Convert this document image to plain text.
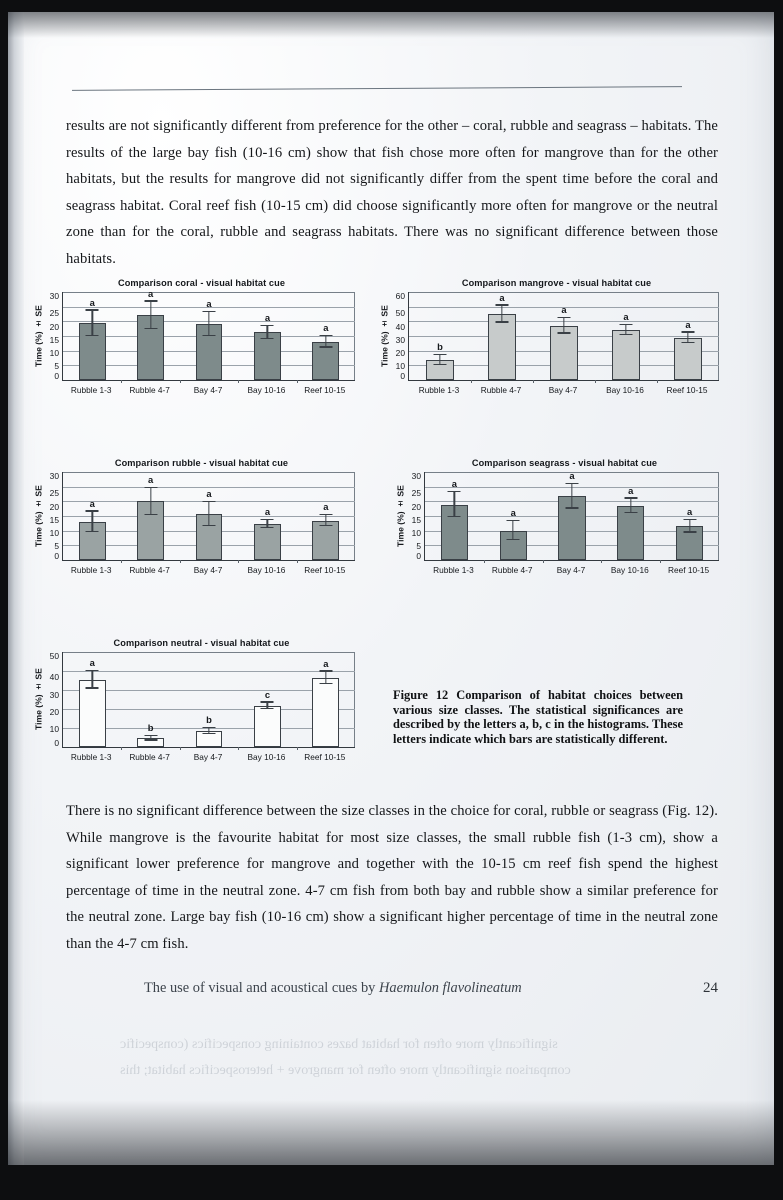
results are not significantly different from preference for the other – coral, rubble and seagrass – habitats. The results of the large bay fish (10-16 cm) show that fish chose more often for mangrove than for the other habitats, but the results for mangrove did not significantly differ from the spent time before the coral and seagrass habitat. Coral reef fish (10-15 cm) did choose significantly more often for mangrove or the neutral zone than for the coral, rubble and seagrass habitats. There was no significant difference between those habitats.

Comparison coral - visual habitat cue
Time (%) ± SE
30
25
20
15
10
5
0
a
a
a
a
a
Rubble 1-3	Rubble 4-7	Bay 4-7	Bay 10-16	Reef 10-15
Comparison mangrove - visual habitat cue
Time (%) ± SE
60
50
40
30
20
10
0
b
a
a
a
a
Rubble 1-3	Rubble 4-7	Bay 4-7	Bay 10-16	Reef 10-15
Comparison rubble - visual habitat cue
Time (%) ± SE
30
25
20
15
10
5
0
a
a
a
a	a
Rubble 1-3	Rubble 4-7	Bay 4-7	Bay 10-16	Reef 10-15
Comparison seagrass - visual habitat cue
Time (%) ± SE
30
25
20
15
10
5
0
a
a
a
a
a
Rubble 1-3	Rubble 4-7	Bay 4-7	Bay 10-16	Reef 10-15
Comparison neutral - visual habitat cue
Time (%) ± SE
50
40
30
20
10
0
a
b
b
c
a
Rubble 1-3	Rubble 4-7	Bay 4-7	Bay 10-16	Reef 10-15
Figure 12 Comparison of habitat choices between various size classes. The statistical significances are described by the letters a, b, c in the histograms. These letters indicate which bars are statistically different.

There is no significant difference between the size classes in the choice for coral, rubble or seagrass (Fig. 12). While mangrove is the favourite habitat for most size classes, the small rubble fish (1-3 cm), show a significant lower preference for mangrove and together with the 10-15 cm reef fish spend the highest percentage of time in the neutral zone. 4-7 cm fish from both bay and rubble show a similar preference for the neutral zone. Large bay fish (10-16 cm) show a significant higher percentage of time in the neutral zone than the 4-7 cm fish.

significantly more often for habitat bazes containing conspecifics (conspecific
comparison significantly more often for mangrove + heterospecifics habitat; this
The use of visual and acoustical cues by Haemulon flavolineatum	24
